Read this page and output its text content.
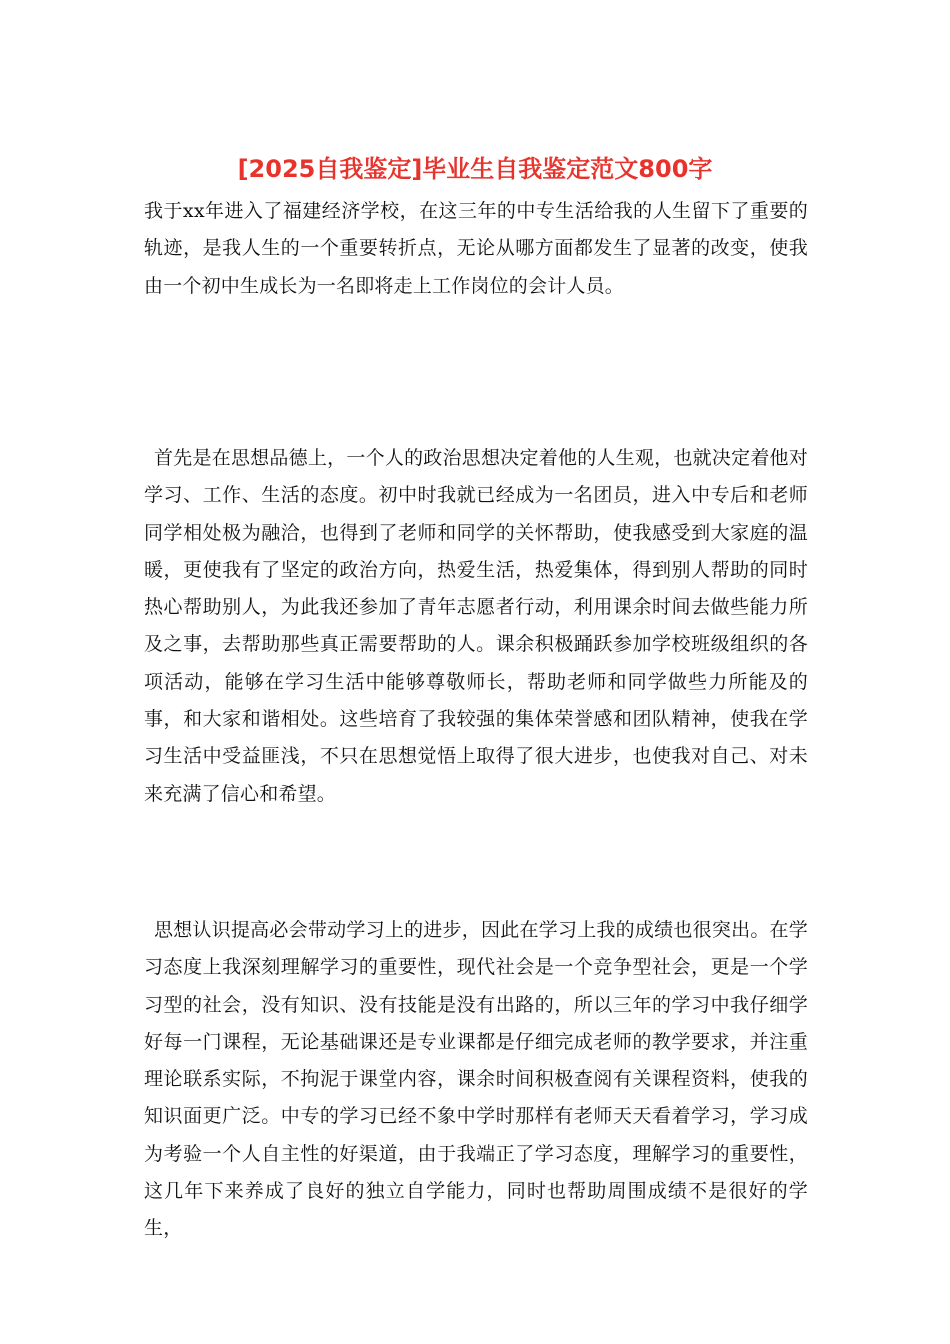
[2025自我鉴定]毕业生自我鉴定范文800字

我于xx年进入了福建经济学校，在这三年的中专生活给我的人生留下了重要的轨迹，是我人生的一个重要转折点，无论从哪方面都发生了显著的改变，使我由一个初中生成长为一名即将走上工作岗位的会计人员。

首先是在思想品德上，一个人的政治思想决定着他的人生观，也就决定着他对学习、工作、生活的态度。初中时我就已经成为一名团员，进入中专后和老师同学相处极为融洽，也得到了老师和同学的关怀帮助，使我感受到大家庭的温暖，更使我有了坚定的政治方向，热爱生活，热爱集体，得到别人帮助的同时热心帮助别人，为此我还参加了青年志愿者行动，利用课余时间去做些能力所及之事，去帮助那些真正需要帮助的人。课余积极踊跃参加学校班级组织的各项活动，能够在学习生活中能够尊敬师长，帮助老师和同学做些力所能及的事，和大家和谐相处。这些培育了我较强的集体荣誉感和团队精神，使我在学习生活中受益匪浅，不只在思想觉悟上取得了很大进步，也使我对自己、对未来充满了信心和希望。

思想认识提高必会带动学习上的进步，因此在学习上我的成绩也很突出。在学习态度上我深刻理解学习的重要性，现代社会是一个竞争型社会，更是一个学习型的社会，没有知识、没有技能是没有出路的，所以三年的学习中我仔细学好每一门课程，无论基础课还是专业课都是仔细完成老师的教学要求，并注重理论联系实际，不拘泥于课堂内容，课余时间积极查阅有关课程资料，使我的知识面更广泛。中专的学习已经不象中学时那样有老师天天看着学习，学习成为考验一个人自主性的好渠道，由于我端正了学习态度，理解学习的重要性，这几年下来养成了良好的独立自学能力，同时也帮助周围成绩不是很好的学生，
